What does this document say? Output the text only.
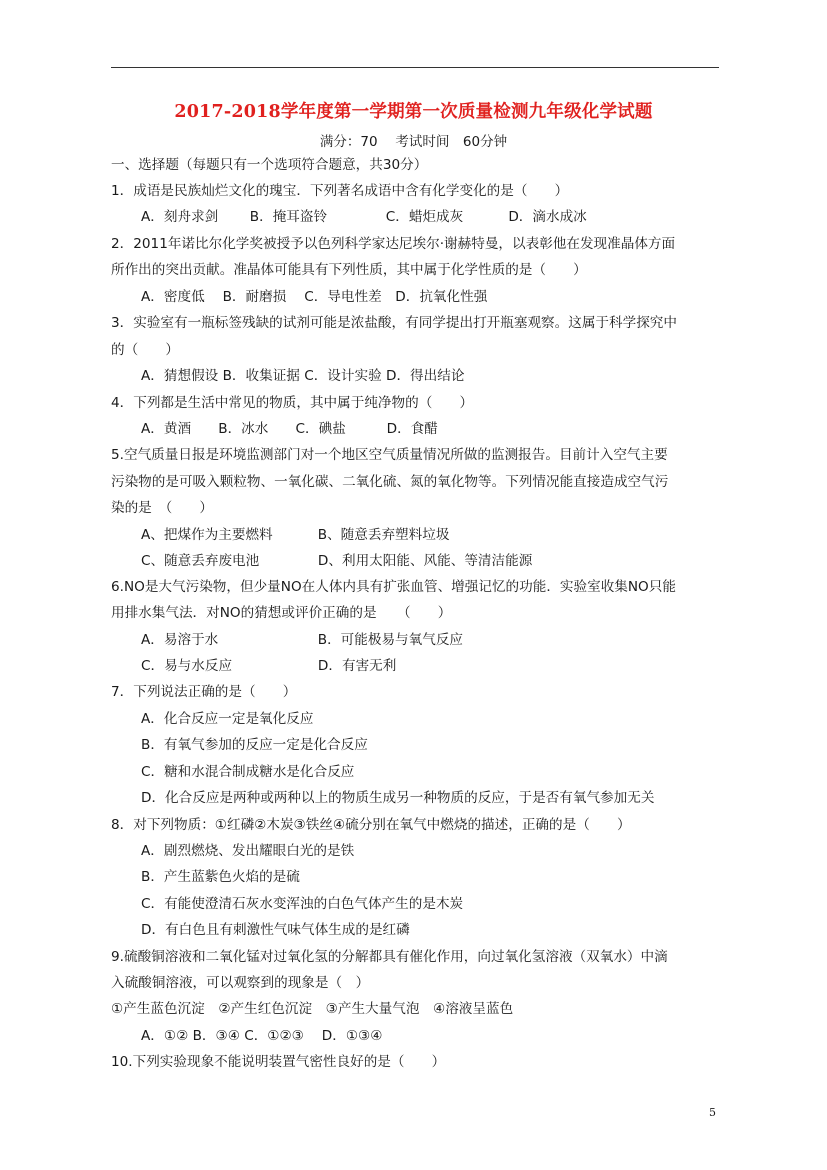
2017-2018学年度第一学期第一次质量检测九年级化学试题
满分：70　 考试时间　60分钟
一、选择题（每题只有一个选项符合题意，共30分）
1．成语是民族灿烂文化的瑰宝．下列著名成语中含有化学变化的是（　　）
A．刻舟求剑　　 B．掩耳盗铃　　　　 C．蜡炬成灰　　　 D．滴水成冰
2．2011年诺比尔化学奖被授予以色列科学家达尼埃尔·谢赫特曼，以表彰他在发现准晶体方面
所作出的突出贡献。准晶体可能具有下列性质，其中属于化学性质的是（　　）
A．密度低　 B．耐磨损　 C．导电性差　D．抗氧化性强
3．实验室有一瓶标签残缺的试剂可能是浓盐酸，有同学提出打开瓶塞观察。这属于科学探究中
的（　　）
A．猜想假设 B．收集证据 C．设计实验 D．得出结论
4．下列都是生活中常见的物质，其中属于纯净物的（　　）
A．黄酒　　B．冰水　　C．碘盐　　　D．食醋
5.空气质量日报是环境监测部门对一个地区空气质量情况所做的监测报告。目前计入空气主要
污染物的是可吸入颗粒物、一氧化碳、二氧化硫、氮的氧化物等。下列情况能直接造成空气污
染的是　（　　）
A、把煤作为主要燃料　　　 B、随意丢弃塑料垃圾
C、随意丢弃废电池　　　　 D、利用太阳能、风能、等清洁能源
6.NO是大气污染物，但少量NO在人体内具有扩张血管、增强记忆的功能．实验室收集NO只能
用排水集气法．对NO的猜想或评价正确的是　　（　　）
A．易溶于水　　　　　　　 B．可能极易与氧气反应
C．易与水反应　　　　　　 D．有害无利
7．下列说法正确的是（　　）
A．化合反应一定是氧化反应
B．有氧气参加的反应一定是化合反应
C．糖和水混合制成糖水是化合反应
D．化合反应是两种或两种以上的物质生成另一种物质的反应，于是否有氧气参加无关
8．对下列物质：①红磷②木炭③铁丝④硫分别在氧气中燃烧的描述，正确的是（　　）
A．剧烈燃烧、发出耀眼白光的是铁
B．产生蓝紫色火焰的是硫
C．有能使澄清石灰水变浑浊的白色气体产生的是木炭
D．有白色且有刺激性气味气体生成的是红磷
9.硫酸铜溶液和二氧化锰对过氧化氢的分解都具有催化作用，向过氧化氢溶液（双氧水）中滴
入硫酸铜溶液，可以观察到的现象是（　）
①产生蓝色沉淀　②产生红色沉淀　③产生大量气泡　④溶液呈蓝色
A．①② B．③④ C．①②③　 D．①③④
10.下列实验现象不能说明装置气密性良好的是（　　）
5
